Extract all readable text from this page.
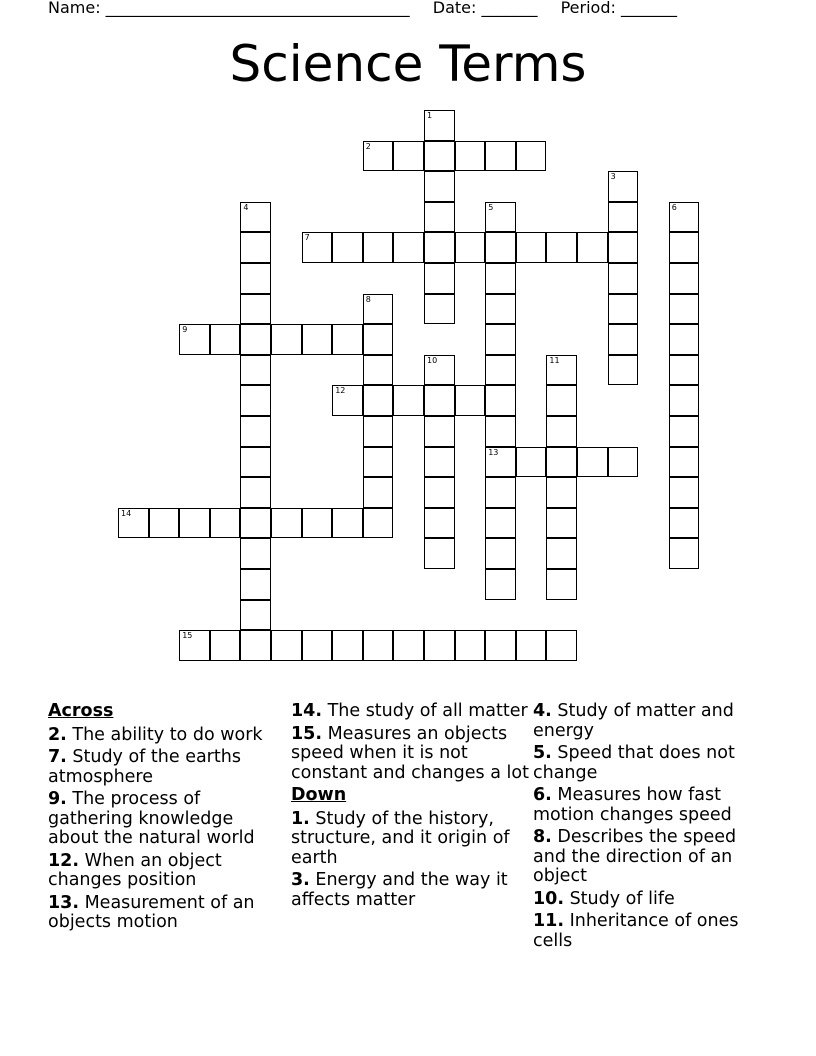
Name: ______________________________________ Date: _______ Period: _______
Science Terms
1
2
3
4	5
13
6
7
8
9
10	11
12
14
15
Across
2. The ability to do work
7. Study of the earths atmosphere
9. The process of gathering knowledge about the natural world
12. When an object changes position
13. Measurement of an objects motion
14. The study of all matter
15. Measures an objects speed when it is not constant and changes a lot
Down
1. Study of the history, structure, and it origin of earth
3. Energy and the way it affects matter
4. Study of matter and energy
5. Speed that does not change
6. Measures how fast motion changes speed
8. Describes the speed and the direction of an object
10. Study of life
11. Inheritance of ones cells
